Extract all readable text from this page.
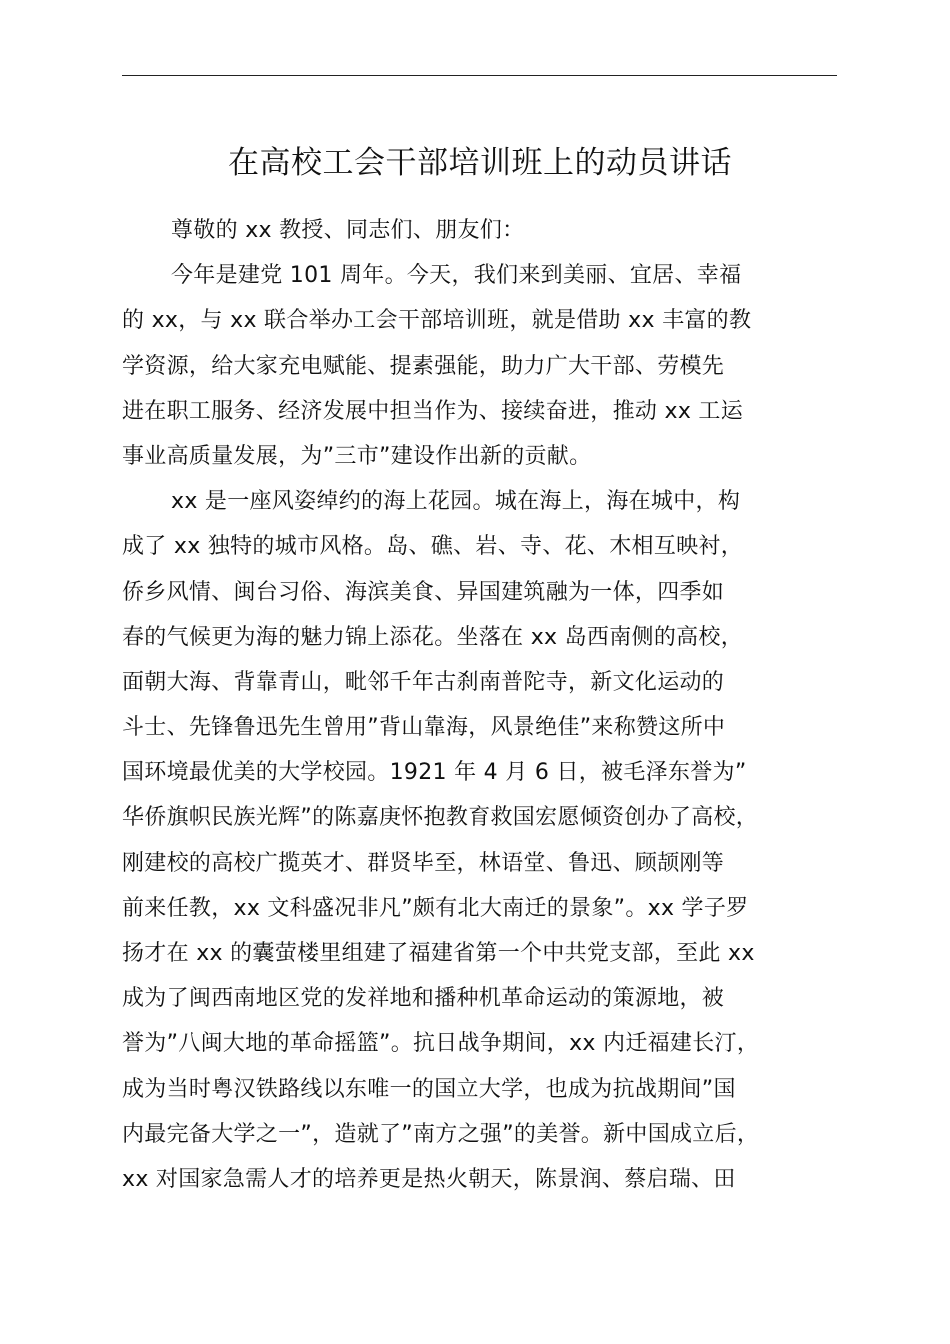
在高校工会干部培训班上的动员讲话
尊敬的 xx 教授、同志们、朋友们：
今年是建党 101 周年。今天，我们来到美丽、宜居、幸福
的 xx，与 xx 联合举办工会干部培训班，就是借助 xx 丰富的教
学资源，给大家充电赋能、提素强能，助力广大干部、劳模先
进在职工服务、经济发展中担当作为、接续奋进，推动 xx 工运
事业高质量发展，为”三市”建设作出新的贡献。
xx 是一座风姿绰约的海上花园。城在海上，海在城中，构
成了 xx 独特的城市风格。岛、礁、岩、寺、花、木相互映衬，
侨乡风情、闽台习俗、海滨美食、异国建筑融为一体，四季如
春的气候更为海的魅力锦上添花。坐落在 xx 岛西南侧的高校，
面朝大海、背靠青山，毗邻千年古刹南普陀寺，新文化运动的
斗士、先锋鲁迅先生曾用”背山靠海，风景绝佳”来称赞这所中
国环境最优美的大学校园。1921 年 4 月 6 日，被毛泽东誉为”
华侨旗帜民族光辉”的陈嘉庚怀抱教育救国宏愿倾资创办了高校，
刚建校的高校广揽英才、群贤毕至，林语堂、鲁迅、顾颉刚等
前来任教，xx 文科盛况非凡”颇有北大南迁的景象”。xx 学子罗
扬才在 xx 的囊萤楼里组建了福建省第一个中共党支部，至此 xx
成为了闽西南地区党的发祥地和播种机革命运动的策源地，被
誉为”八闽大地的革命摇篮”。抗日战争期间，xx 内迁福建长汀，
成为当时粤汉铁路线以东唯一的国立大学，也成为抗战期间”国
内最完备大学之一”，造就了”南方之强”的美誉。新中国成立后，
xx 对国家急需人才的培养更是热火朝天，陈景润、蔡启瑞、田
